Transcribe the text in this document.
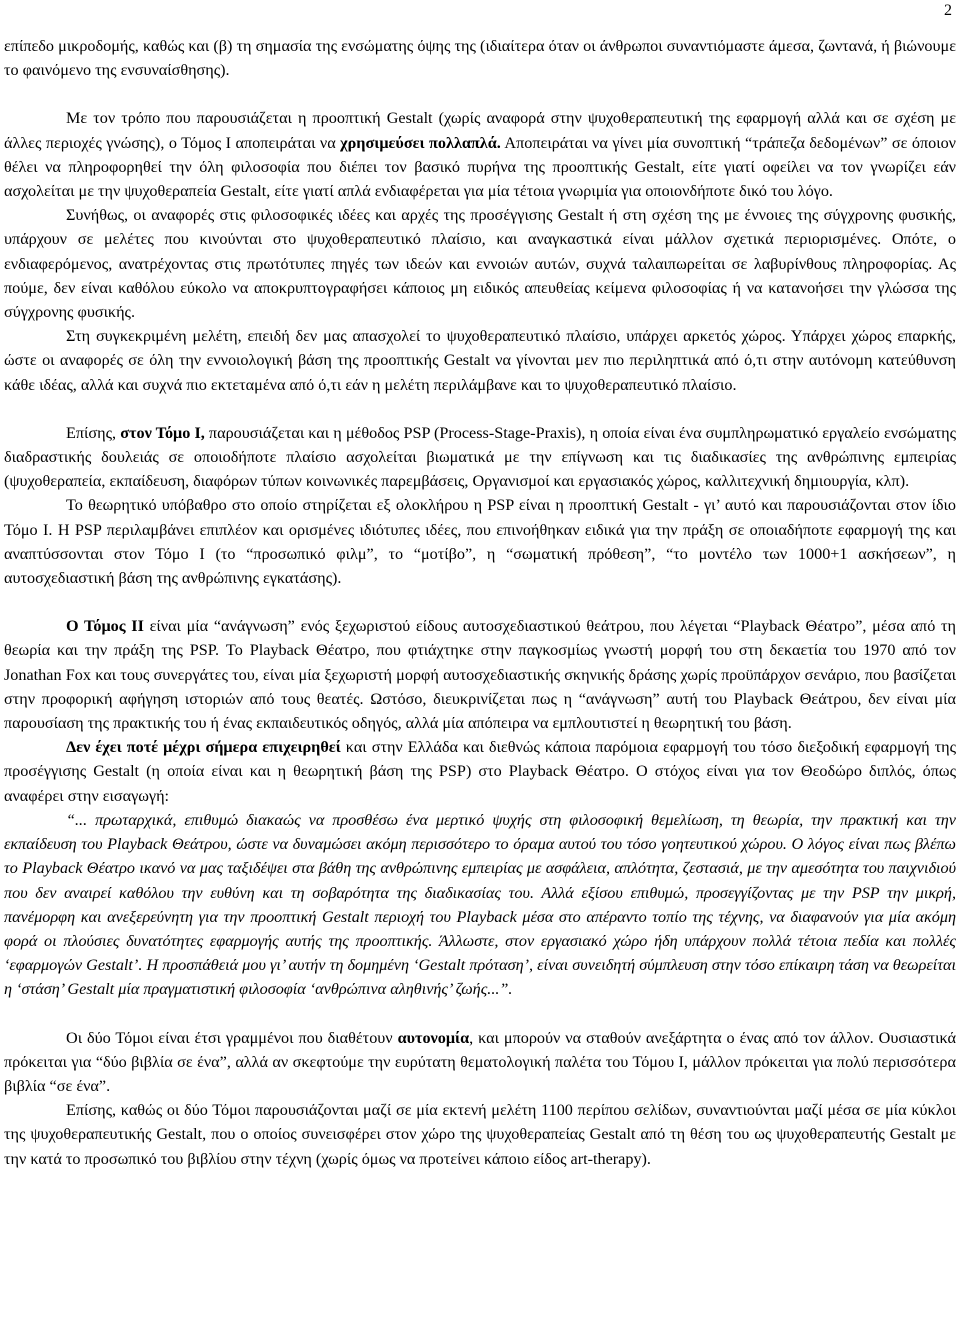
2

επίπεδο μικροδομής, καθώς και (β) τη σημασία της ενσώματης όψης της (ιδιαίτερα όταν οι άνθρωποι συναντιόμαστε άμεσα, ζωντανά, ή βιώνουμε το φαινόμενο της ενσυναίσθησης).

Με τον τρόπο που παρουσιάζεται η προοπτική Gestalt (χωρίς αναφορά στην ψυχοθεραπευτική της εφαρμογή αλλά και σε σχέση με άλλες περιοχές γνώσης), ο Τόμος Ι αποπειράται να χρησιμεύσει πολλαπλά. Αποπειράται να γίνει μία συνοπτική “τράπεζα δεδομένων” σε όποιον θέλει να πληροφορηθεί την όλη φιλοσοφία που διέπει τον βασικό πυρήνα της προοπτικής Gestalt, είτε γιατί οφείλει να τον γνωρίζει εάν ασχολείται με την ψυχοθεραπεία Gestalt, είτε γιατί απλά ενδιαφέρεται για μία τέτοια γνωριμία για οποιονδήποτε δικό του λόγο.

Συνήθως, οι αναφορές στις φιλοσοφικές ιδέες και αρχές της προσέγγισης Gestalt ή στη σχέση της με έννοιες της σύγχρονης φυσικής, υπάρχουν σε μελέτες που κινούνται στο ψυχοθεραπευτικό πλαίσιο, και αναγκαστικά είναι μάλλον σχετικά περιορισμένες. Οπότε, ο ενδιαφερόμενος, ανατρέχοντας στις πρωτότυπες πηγές των ιδεών και εννοιών αυτών, συχνά ταλαιπωρείται σε λαβυρίνθους πληροφορίας. Ας πούμε, δεν είναι καθόλου εύκολο να αποκρυπτογραφήσει κάποιος μη ειδικός απευθείας κείμενα φιλοσοφίας ή να κατανοήσει την γλώσσα της σύγχρονης φυσικής.

Στη συγκεκριμένη μελέτη, επειδή δεν μας απασχολεί το ψυχοθεραπευτικό πλαίσιο, υπάρχει αρκετός χώρος. Υπάρχει χώρος επαρκής, ώστε οι αναφορές σε όλη την εννοιολογική βάση της προοπτικής Gestalt να γίνονται μεν πιο περιληπτικά από ό,τι στην αυτόνομη κατεύθυνση κάθε ιδέας, αλλά και συχνά πιο εκτεταμένα από ό,τι εάν η μελέτη περιλάμβανε και το ψυχοθεραπευτικό πλαίσιο.

Επίσης, στον Τόμο Ι, παρουσιάζεται και η μέθοδος PSP (Process-Stage-Praxis), η οποία είναι ένα συμπληρωματικό εργαλείο ενσώματης διαδραστικής δουλειάς σε οποιοδήποτε πλαίσιο ασχολείται βιωματικά με την επίγνωση και τις διαδικασίες της ανθρώπινης εμπειρίας (ψυχοθεραπεία, εκπαίδευση, διαφόρων τύπων κοινωνικές παρεμβάσεις, Οργανισμοί και εργασιακός χώρος, καλλιτεχνική δημιουργία, κλπ).

Το θεωρητικό υπόβαθρο στο οποίο στηρίζεται εξ ολοκλήρου η PSP είναι η προοπτική Gestalt - γι’ αυτό και παρουσιάζονται στον ίδιο Τόμο Ι. Η PSP περιλαμβάνει επιπλέον και ορισμένες ιδιότυπες ιδέες, που επινοήθηκαν ειδικά για την πράξη σε οποιαδήποτε εφαρμογή της και αναπτύσσονται στον Τόμο Ι (το “προσωπικό φιλμ”, το “μοτίβο”, η “σωματική πρόθεση”, “το μοντέλο των 1000+1 ασκήσεων”, η αυτοσχεδιαστική βάση της ανθρώπινης εγκατάσης).

Ο Τόμος ΙΙ είναι μία “ανάγνωση” ενός ξεχωριστού είδους αυτοσχεδιαστικού θεάτρου, που λέγεται “Playback Θέατρο”, μέσα από τη θεωρία και την πράξη της PSP. Το Playback Θέατρο, που φτιάχτηκε στην παγκοσμίως γνωστή μορφή του στη δεκαετία του 1970 από τον Jonathan Fox και τους συνεργάτες του, είναι μία ξεχωριστή μορφή αυτοσχεδιαστικής σκηνικής δράσης χωρίς προϋπάρχον σενάριο, που βασίζεται στην προφορική αφήγηση ιστοριών από τους θεατές. Ωστόσο, διευκρινίζεται πως η “ανάγνωση” αυτή του Playback Θεάτρου, δεν είναι μία παρουσίαση της πρακτικής του ή ένας εκπαιδευτικός οδηγός, αλλά μία απόπειρα να εμπλουτιστεί η θεωρητική του βάση.

Δεν έχει ποτέ μέχρι σήμερα επιχειρηθεί και στην Ελλάδα και διεθνώς κάποια παρόμοια εφαρμογή του τόσο διεξοδική εφαρμογή της προσέγγισης Gestalt (η οποία είναι και η θεωρητική βάση της PSP) στο Playback Θέατρο. Ο στόχος είναι για τον Θεοδώρο διπλός, όπως αναφέρει στην εισαγωγή:

“... πρωταρχικά, επιθυμώ διακαώς να προσθέσω ένα μερτικό ψυχής στη φιλοσοφική θεμελίωση, τη θεωρία, την πρακτική και την εκπαίδευση του Playback Θεάτρου, ώστε να δυναμώσει ακόμη περισσότερο το όραμα αυτού του τόσο γοητευτικού χώρου. Ο λόγος είναι πως βλέπω το Playback Θέατρο ικανό να μας ταξιδέψει στα βάθη της ανθρώπινης εμπειρίας με ασφάλεια, απλότητα, ζεστασιά, με την αμεσότητα του παιχνιδιού που δεν αναιρεί καθόλου την ευθύνη και τη σοβαρότητα της διαδικασίας του. Αλλά εξίσου επιθυμώ, προσεγγίζοντας με την PSP την μικρή, πανέμορφη και ανεξερεύνητη για την προοπτική Gestalt περιοχή του Playback μέσα στο απέραντο τοπίο της τέχνης, να διαφανούν για μία ακόμη φορά οι πλούσιες δυνατότητες εφαρμογής αυτής της προοπτικής. Άλλωστε, στον εργασιακό χώρο ήδη υπάρχουν πολλά τέτοια πεδία και πολλές ‘εφαρμογών Gestalt’. Η προσπάθειά μου γι’ αυτήν τη δομημένη ‘Gestalt πρόταση’, είναι συνειδητή σύμπλευση στην τόσο επίκαιρη τάση να θεωρείται η ‘στάση’ Gestalt μία πραγματιστική φιλοσοφία ‘ανθρώπινα αληθινής’ ζωής...”.

Οι δύο Τόμοι είναι έτσι γραμμένοι που διαθέτουν αυτονομία, και μπορούν να σταθούν ανεξάρτητα ο ένας από τον άλλον. Ουσιαστικά πρόκειται για “δύο βιβλία σε ένα”, αλλά αν σκεφτούμε την ευρύτατη θεματολογική παλέτα του Τόμου Ι, μάλλον πρόκειται για πολύ περισσότερα βιβλία “σε ένα”.

Επίσης, καθώς οι δύο Τόμοι παρουσιάζονται μαζί σε μία εκτενή μελέτη 1100 περίπου σελίδων, συναντιούνται μαζί μέσα σε μία κύκλοι της ψυχοθεραπευτικής Gestalt, που ο οποίος συνεισφέρει στον χώρο της ψυχοθεραπείας Gestalt από τη θέση του ως ψυχοθεραπευτής Gestalt με την κατά το προσωπικό του βιβλίου στην τέχνη (χωρίς όμως να προτείνει κάποιο είδος art-therapy).
